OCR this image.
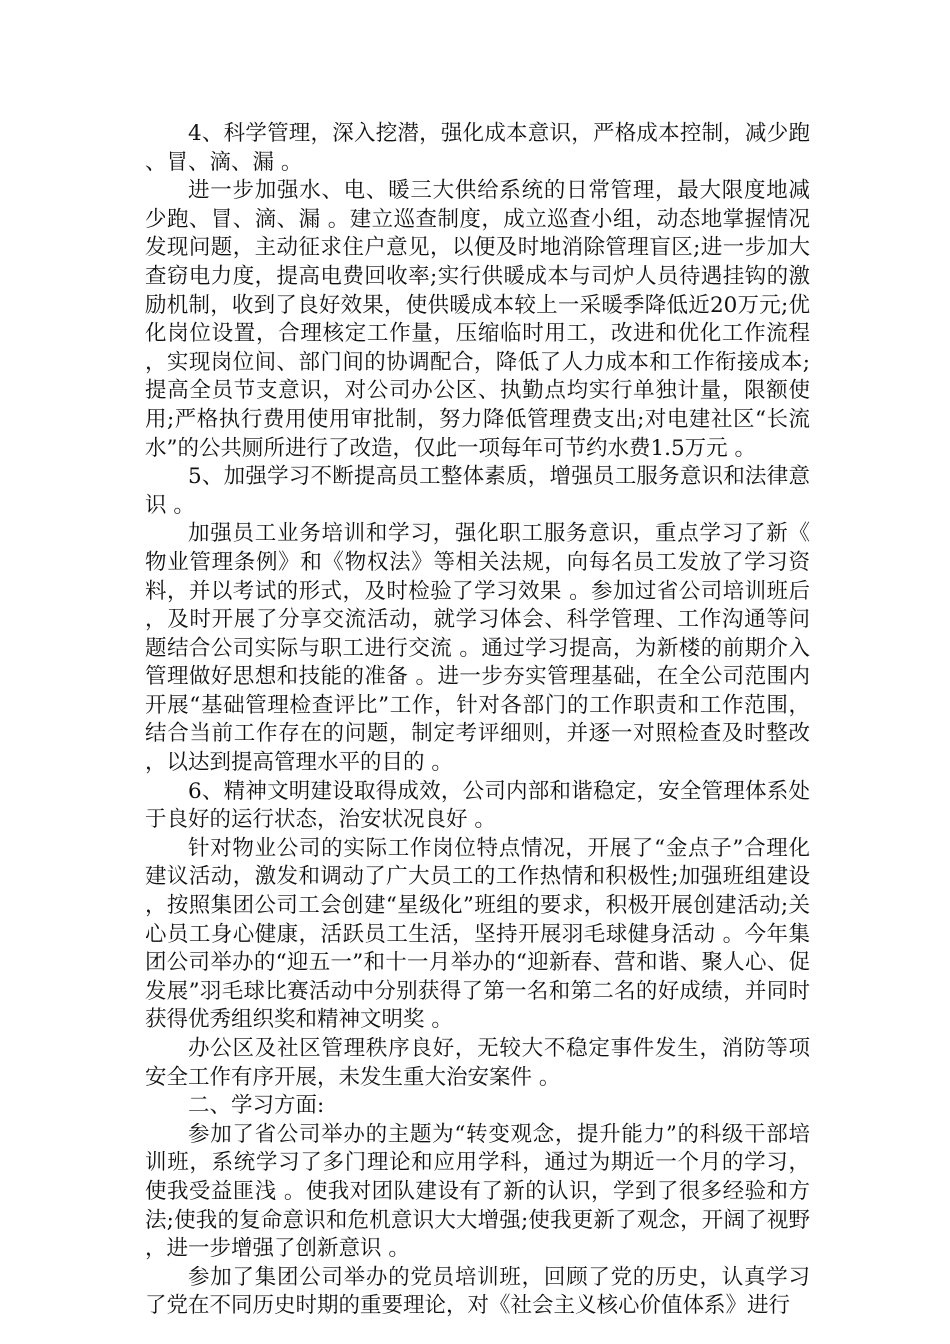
4、科学管理，深入挖潜，强化成本意识，严格成本控制，减少跑、冒、滴、漏 。

进一步加强水、电、暖三大供给系统的日常管理，最大限度地减少跑、冒、滴、漏 。建立巡查制度，成立巡查小组，动态地掌握情况发现问题，主动征求住户意见，以便及时地消除管理盲区;进一步加大查窃电力度，提高电费回收率;实行供暖成本与司炉人员待遇挂钩的激励机制，收到了良好效果，使供暖成本较上一采暖季降低近20万元;优化岗位设置，合理核定工作量，压缩临时用工，改进和优化工作流程，实现岗位间、部门间的协调配合，降低了人力成本和工作衔接成本;提高全员节支意识，对公司办公区、执勤点均实行单独计量，限额使用;严格执行费用使用审批制，努力降低管理费支出;对电建社区“长流水”的公共厕所进行了改造，仅此一项每年可节约水费1.5万元 。

5、加强学习不断提高员工整体素质，增强员工服务意识和法律意识 。

加强员工业务培训和学习，强化职工服务意识，重点学习了新《物业管理条例》和《物权法》等相关法规，向每名员工发放了学习资料，并以考试的形式，及时检验了学习效果 。参加过省公司培训班后，及时开展了分享交流活动，就学习体会、科学管理、工作沟通等问题结合公司实际与职工进行交流 。通过学习提高，为新楼的前期介入管理做好思想和技能的准备 。进一步夯实管理基础，在全公司范围内开展“基础管理检查评比”工作，针对各部门的工作职责和工作范围，结合当前工作存在的问题，制定考评细则，并逐一对照检查及时整改，以达到提高管理水平的目的 。

6、精神文明建设取得成效，公司内部和谐稳定，安全管理体系处于良好的运行状态，治安状况良好 。

针对物业公司的实际工作岗位特点情况，开展了“金点子”合理化建议活动，激发和调动了广大员工的工作热情和积极性;加强班组建设，按照集团公司工会创建“星级化”班组的要求，积极开展创建活动;关心员工身心健康，活跃员工生活，坚持开展羽毛球健身活动 。今年集团公司举办的“迎五一”和十一月举办的“迎新春、营和谐、聚人心、促发展”羽毛球比赛活动中分别获得了第一名和第二名的好成绩，并同时获得优秀组织奖和精神文明奖 。

办公区及社区管理秩序良好，无较大不稳定事件发生，消防等项安全工作有序开展，未发生重大治安案件 。

二、学习方面:

参加了省公司举办的主题为“转变观念，提升能力”的科级干部培训班，系统学习了多门理论和应用学科，通过为期近一个月的学习，使我受益匪浅 。使我对团队建设有了新的认识，学到了很多经验和方法;使我的复命意识和危机意识大大增强;使我更新了观念，开阔了视野，进一步增强了创新意识 。

参加了集团公司举办的党员培训班，回顾了党的历史，认真学习了党在不同历史时期的重要理论，对《社会主义核心价值体系》进行
